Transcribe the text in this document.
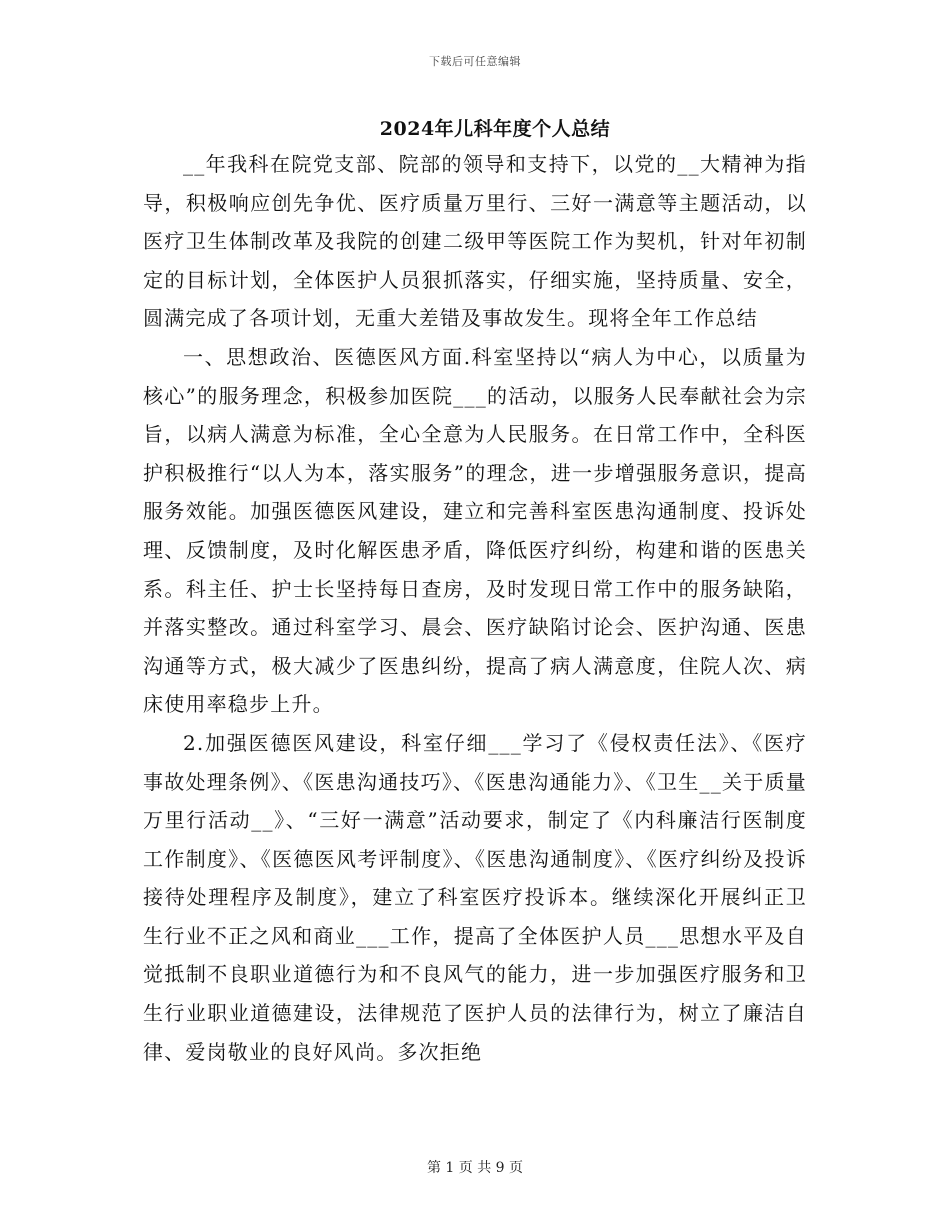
下载后可任意编辑
2024年儿科年度个人总结

__年我科在院党支部、院部的领导和支持下，以党的__大精神为指导，积极响应创先争优、医疗质量万里行、三好一满意等主题活动，以医疗卫生体制改革及我院的创建二级甲等医院工作为契机，针对年初制定的目标计划，全体医护人员狠抓落实，仔细实施，坚持质量、安全，圆满完成了各项计划，无重大差错及事故发生。现将全年工作总结

一、思想政治、医德医风方面.科室坚持以“病人为中心，以质量为核心”的服务理念，积极参加医院___的活动，以服务人民奉献社会为宗旨，以病人满意为标准，全心全意为人民服务。在日常工作中，全科医护积极推行“以人为本，落实服务”的理念，进一步增强服务意识，提高服务效能。加强医德医风建设，建立和完善科室医患沟通制度、投诉处理、反馈制度，及时化解医患矛盾，降低医疗纠纷，构建和谐的医患关系。科主任、护士长坚持每日查房，及时发现日常工作中的服务缺陷，并落实整改。通过科室学习、晨会、医疗缺陷讨论会、医护沟通、医患沟通等方式，极大减少了医患纠纷，提高了病人满意度，住院人次、病床使用率稳步上升。

2.加强医德医风建设，科室仔细___学习了《侵权责任法》、《医疗事故处理条例》、《医患沟通技巧》、《医患沟通能力》、《卫生__关于质量万里行活动__》、“三好一满意”活动要求，制定了《内科廉洁行医制度工作制度》、《医德医风考评制度》、《医患沟通制度》、《医疗纠纷及投诉接待处理程序及制度》，建立了科室医疗投诉本。继续深化开展纠正卫生行业不正之风和商业___工作，提高了全体医护人员___思想水平及自觉抵制不良职业道德行为和不良风气的能力，进一步加强医疗服务和卫生行业职业道德建设，法律规范了医护人员的法律行为，树立了廉洁自律、爱岗敬业的良好风尚。多次拒绝

第 1 页 共 9 页
